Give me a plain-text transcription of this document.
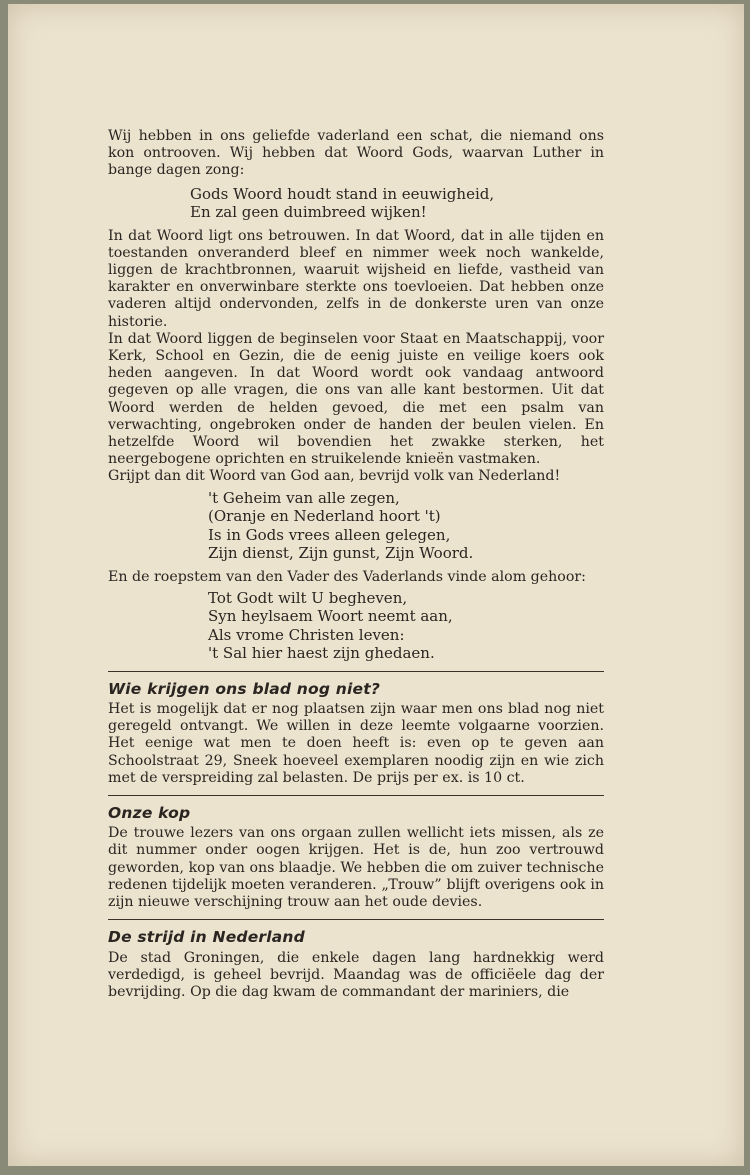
Wij hebben in ons geliefde vaderland een schat, die niemand ons kon ontrooven. Wij hebben dat Woord Gods, waarvan Luther in bange dagen zong:

Gods Woord houdt stand in eeuwigheid,
En zal geen duimbreed wijken!

In dat Woord ligt ons betrouwen. In dat Woord, dat in alle tijden en toestanden onveranderd bleef en nimmer week noch wankelde, liggen de krachtbronnen, waaruit wijsheid en liefde, vastheid van karakter en onverwinbare sterkte ons toevloeien. Dat hebben onze vaderen altijd ondervonden, zelfs in de donkerste uren van onze historie.

In dat Woord liggen de beginselen voor Staat en Maatschappij, voor Kerk, School en Gezin, die de eenig juiste en veilige koers ook heden aangeven. In dat Woord wordt ook vandaag antwoord gegeven op alle vragen, die ons van alle kant bestormen. Uit dat Woord werden de helden gevoed, die met een psalm van verwachting, ongebroken onder de handen der beulen vielen. En hetzelfde Woord wil bovendien het zwakke sterken, het neergebogene oprichten en struikelende knieën vastmaken.

Grijpt dan dit Woord van God aan, bevrijd volk van Nederland!

't Geheim van alle zegen,
(Oranje en Nederland hoort 't)
Is in Gods vrees alleen gelegen,
Zijn dienst, Zijn gunst, Zijn Woord.

En de roepstem van den Vader des Vaderlands vinde alom gehoor:

Tot Godt wilt U begheven,
Syn heylsaem Woort neemt aan,
Als vrome Christen leven:
't Sal hier haest zijn ghedaen.
Wie krijgen ons blad nog niet?

Het is mogelijk dat er nog plaatsen zijn waar men ons blad nog niet geregeld ontvangt. We willen in deze leemte volgaarne voorzien. Het eenige wat men te doen heeft is: even op te geven aan Schoolstraat 29, Sneek hoeveel exemplaren noodig zijn en wie zich met de verspreiding zal belasten. De prijs per ex. is 10 ct.

Onze kop

De trouwe lezers van ons orgaan zullen wellicht iets missen, als ze dit nummer onder oogen krijgen. Het is de, hun zoo vertrouwd geworden, kop van ons blaadje. We hebben die om zuiver technische redenen tijdelijk moeten veranderen. „Trouw” blijft overigens ook in zijn nieuwe verschijning trouw aan het oude devies.

De strijd in Nederland

De stad Groningen, die enkele dagen lang hardnekkig werd verdedigd, is geheel bevrijd. Maandag was de officiëele dag der bevrijding. Op die dag kwam de commandant der mariniers, die
